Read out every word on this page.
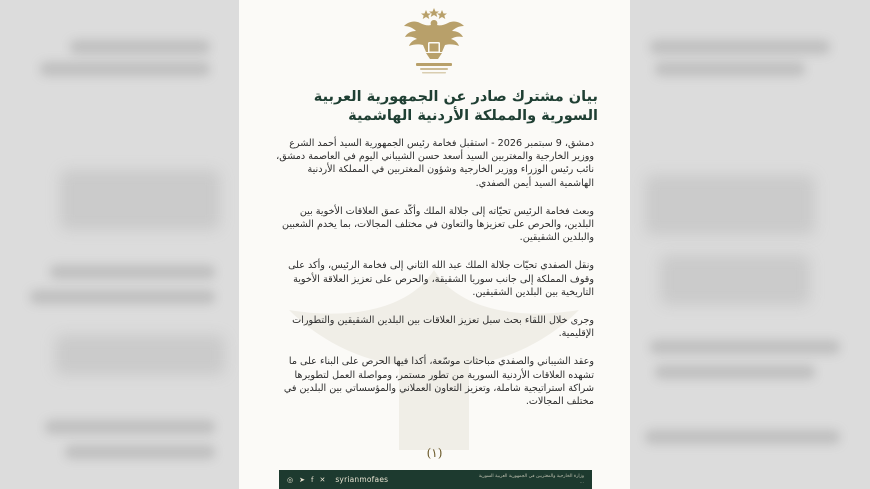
بيان مشترك صادر عن الجمهورية العربية السورية والمملكة الأردنية الهاشمية

دمشق، 9 سبتمبر 2026 - استقبل فخامة رئيس الجمهورية السيد أحمد الشرع ووزير الخارجية والمغتربين السيد أسعد حسن الشيباني اليوم في العاصمة دمشق، نائب رئيس الوزراء ووزير الخارجية وشؤون المغتربين في المملكة الأردنية الهاشمية السيد أيمن الصفدي.

وبعث فخامة الرئيس تحيّاته إلى جلالة الملك وأكّد عمق العلاقات الأخوية بين البلدين، والحرص على تعزيزها والتعاون في مختلف المجالات، بما يخدم الشعبين والبلدين الشقيقين.

ونقل الصفدي تحيّات جلالة الملك عبد الله الثاني إلى فخامة الرئيس، وأكد على وقوف المملكة إلى جانب سوريا الشقيقة، والحرص على تعزيز العلاقة الأخوية التاريخية بين البلدين الشقيقين.

وجرى خلال اللقاء بحث سبل تعزيز العلاقات بين البلدين الشقيقين والتطورات الإقليمية.

وعقد الشيباني والصفدي مباحثات موسّعة، أكدا فيها الحرص على البناء على ما تشهده العلاقات الأردنية السورية من تطور مستمر، ومواصلة العمل لتطويرها شراكة استراتيجية شاملة، وتعزيز التعاون العملاني والمؤسساتي بين البلدين في مختلف المجالات.

(١)
◎ ➤ f ✕ syrianmofaes	وزارة الخارجية والمغتربين في الجمهورية العربية السورية
...
